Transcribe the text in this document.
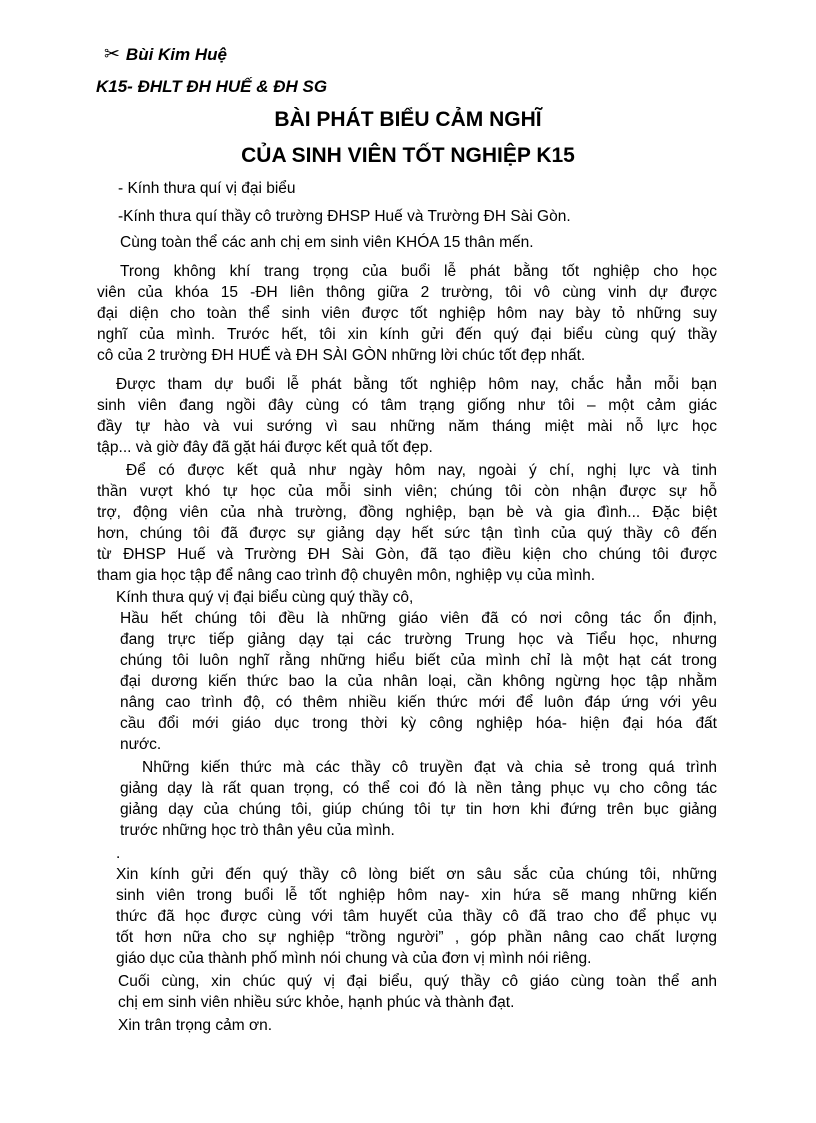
✂ Bùi Kim Huệ
K15- ĐHLT ĐH HUẾ & ĐH SG
BÀI PHÁT BIỂU CẢM NGHĨ
CỦA SINH VIÊN TỐT NGHIỆP K15
- Kính thưa quí vị đại biểu
-Kính thưa quí thầy cô trường ĐHSP Huế và Trường ĐH Sài Gòn.
Cùng toàn thể các anh chị em sinh viên KHÓA 15 thân mến.
Trong không khí trang trọng của buổi lễ phát bằng tốt nghiệp cho học
viên của khóa 15 -ĐH liên thông giữa 2 trường, tôi vô cùng vinh dự được
đại diện cho toàn thể sinh viên được tốt nghiệp hôm nay bày tỏ những suy
nghĩ của mình. Trước hết, tôi xin kính gửi đến quý đại biểu cùng quý thầy
cô của 2 trường ĐH HUẾ và ĐH SÀI GÒN những lời chúc tốt đẹp nhất.
Được tham dự buổi lễ phát bằng tốt nghiệp hôm nay, chắc hẳn mỗi bạn
sinh viên đang ngồi đây cùng có tâm trạng giống như tôi – một cảm giác
đầy tự hào và vui sướng vì sau những năm tháng miệt mài nỗ lực học
tập... và giờ đây đã gặt hái được kết quả tốt đẹp.
Để có được kết quả như ngày hôm nay, ngoài ý chí, nghị lực và tinh
thần vượt khó tự học của mỗi sinh viên; chúng tôi còn nhận được sự hỗ
trợ, động viên của nhà trường, đồng nghiệp, bạn bè và gia đình... Đặc biệt
hơn, chúng tôi đã được sự giảng dạy hết sức tận tình của quý thầy cô đến
từ ĐHSP Huế và Trường ĐH Sài Gòn, đã tạo điều kiện cho chúng tôi được
tham gia học tập để nâng cao trình độ chuyên môn, nghiệp vụ của mình.
Kính thưa quý vị đại biểu cùng quý thầy cô,
Hầu hết chúng tôi đều là những giáo viên đã có nơi công tác ổn định,
đang trực tiếp giảng dạy tại các trường Trung học và Tiểu học, nhưng
chúng tôi luôn nghĩ rằng những hiểu biết của mình chỉ là một hạt cát trong
đại dương kiến thức bao la của nhân loại, cần không ngừng học tập nhằm
nâng cao trình độ, có thêm nhiều kiến thức mới để luôn đáp ứng với yêu
cầu đổi mới giáo dục trong thời kỳ công nghiệp hóa- hiện đại hóa đất
nước.
Những kiến thức mà các thầy cô truyền đạt và chia sẻ trong quá trình
giảng dạy là rất quan trọng, có thể coi đó là nền tảng phục vụ cho công tác
giảng dạy của chúng tôi, giúp chúng tôi tự tin hơn khi đứng trên bục giảng
trước những học trò thân yêu của mình.
.
Xin kính gửi đến quý thầy cô lòng biết ơn sâu sắc của chúng tôi, những
sinh viên trong buổi lễ tốt nghiệp hôm nay- xin hứa sẽ mang những kiến
thức đã học được cùng với tâm huyết của thầy cô đã trao cho để phục vụ
tốt hơn nữa cho sự nghiệp “trồng người” , góp phần nâng cao chất lượng
giáo dục của thành phố mình nói chung và của đơn vị mình nói riêng.
Cuối cùng, xin chúc quý vị đại biểu, quý thầy cô giáo cùng toàn thể anh
chị em sinh viên nhiều sức khỏe, hạnh phúc và thành đạt.
Xin trân trọng cảm ơn.
